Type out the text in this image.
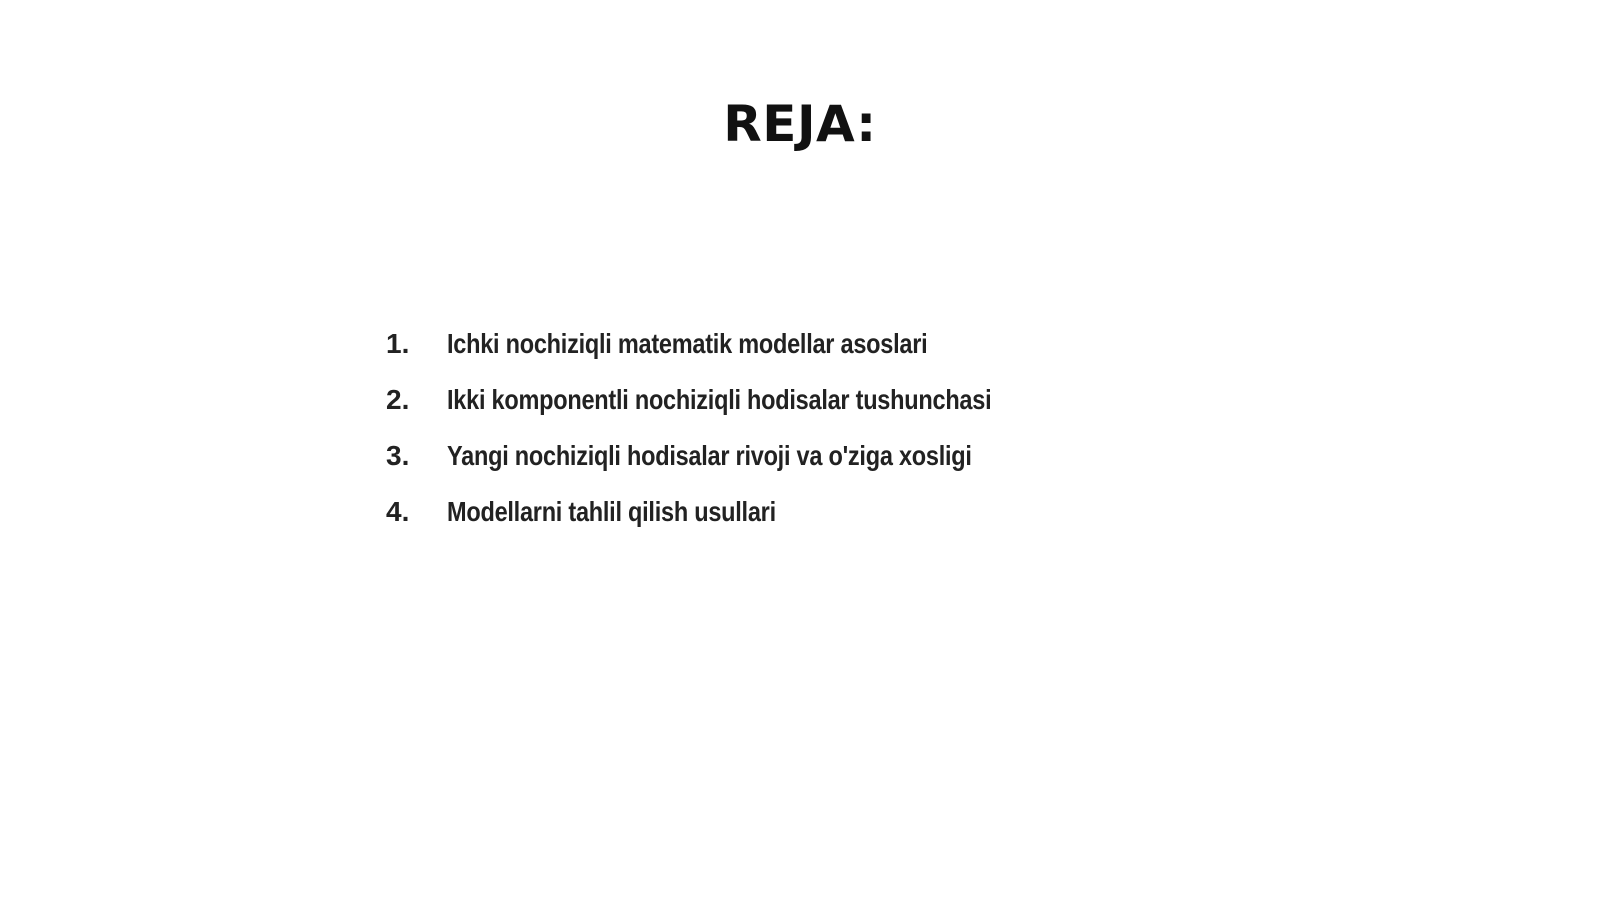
REJA:
1.	Ichki nochiziqli matematik modellar asoslari
2.	Ikki komponentli nochiziqli hodisalar tushunchasi
3.	Yangi nochiziqli hodisalar rivoji va o'ziga xosligi
4.	Modellarni tahlil qilish usullari
